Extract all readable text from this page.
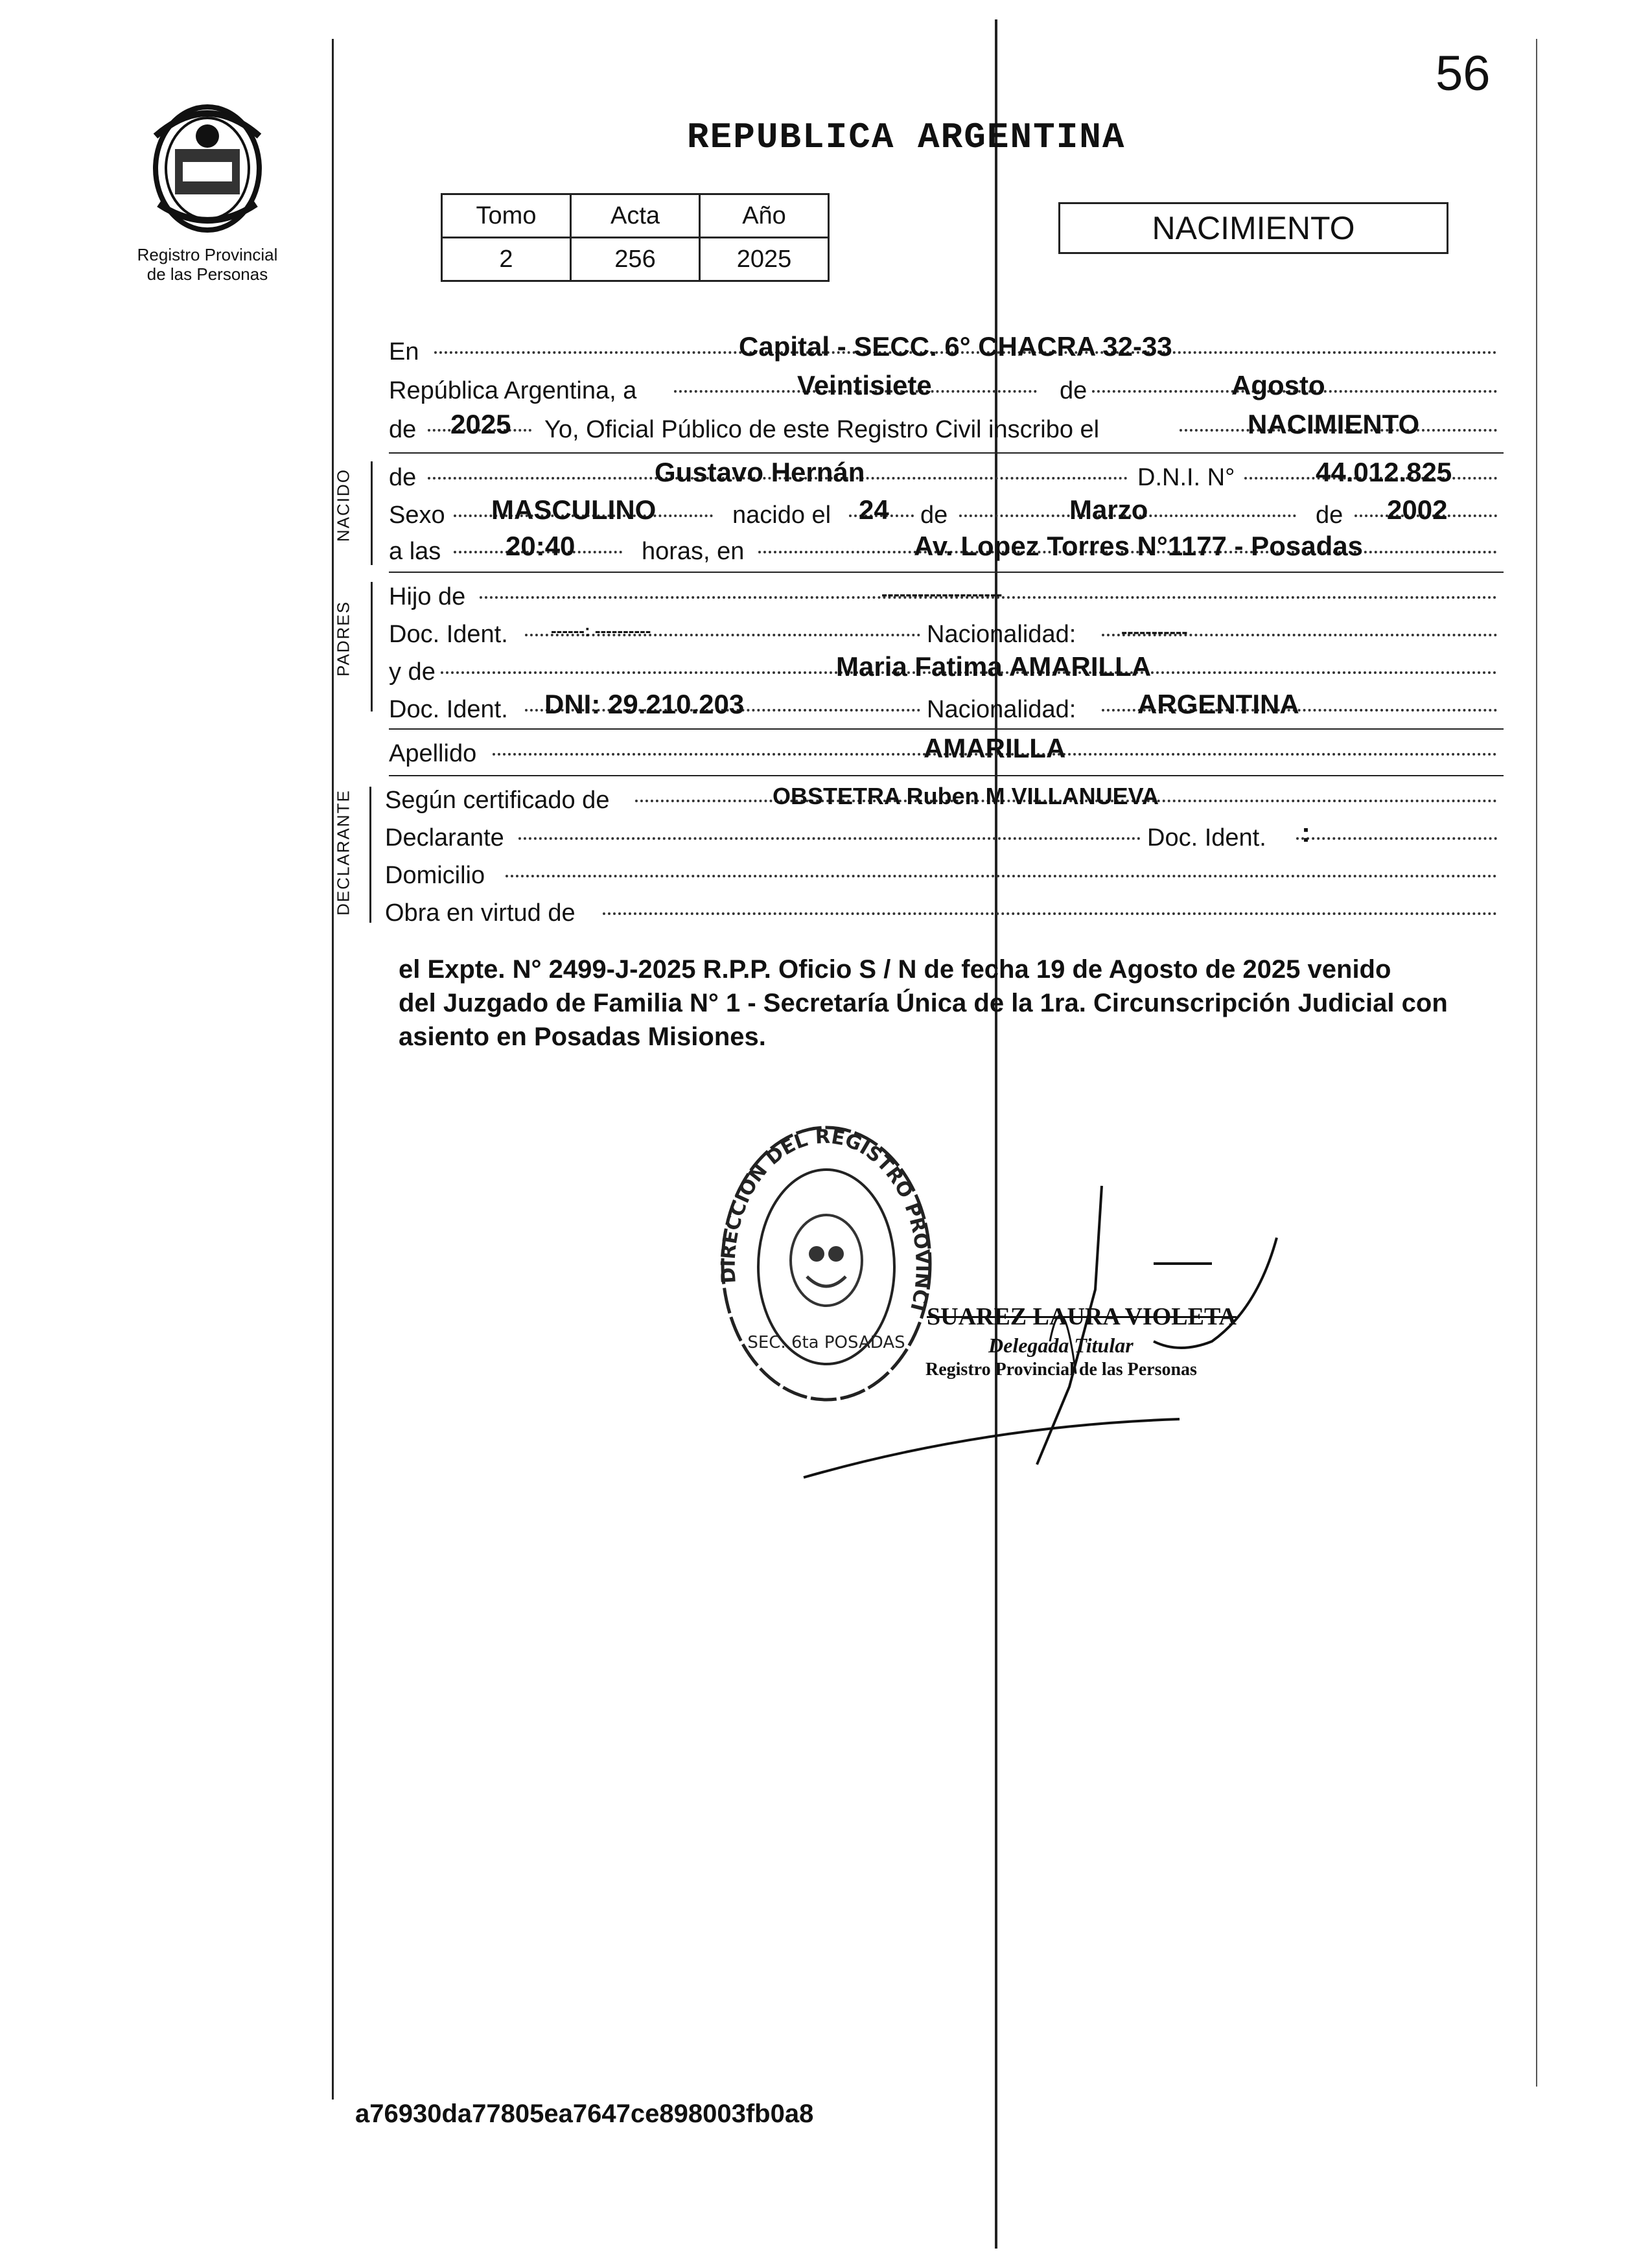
56
Registro Provincial
de las Personas
REPUBLICA ARGENTINA
Tomo	Acta	Año
2	256	2025
NACIMIENTO
En	Capital - SECC. 6° CHACRA 32-33
República Argentina, a	Veintisiete	de	Agosto
de 2025 Yo, Oficial Público de este Registro Civil inscribo el	NACIMIENTO
NACIDO de	Gustavo Hernán	D.N.I. N°	44.012.825
Sexo MASCULINO	nacido el 24 de	Marzo	de 2002
a las 20:40	horas, en	Av. Lopez Torres N°1177 - Posadas
PADRES
Hijo de	--------------------
Doc. Ident.	------: ----------	Nacionalidad: -----------
y de	Maria Fatima AMARILLA
Doc. Ident. DNI: 29.210.203	Nacionalidad: ARGENTINA
Apellido	AMARILLA
DECLARANTE Según certificado de	OBSTETRA Ruben M VILLANUEVA
Declarante	Doc. Ident. :
Domicilio
Obra en virtud de
el Expte. N° 2499-J-2025 R.P.P. Oficio S / N de fecha 19 de Agosto de 2025 venido
del Juzgado de Familia N° 1 - Secretaría Única de la 1ra. Circunscripción Judicial con
asiento en Posadas Misiones.
DIRECCION DEL REGISTRO PROVINCI
SEC. 6ta POSADAS
SUAREZ LAURA VIOLETA
Delegada Titular
Registro Provincial de las Personas
a76930da77805ea7647ce898003fb0a8
